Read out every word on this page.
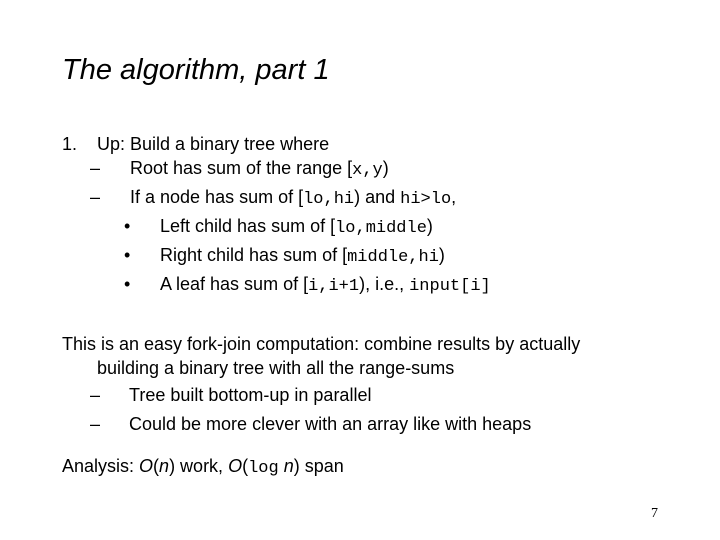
The algorithm, part 1
1. Up: Build a binary tree where
– Root has sum of the range [x,y)
– If a node has sum of [lo,hi) and hi>lo,
• Left child has sum of [lo,middle)
• Right child has sum of [middle,hi)
• A leaf has sum of [i,i+1), i.e., input[i]
This is an easy fork-join computation: combine results by actually
building a binary tree with all the range-sums
– Tree built bottom-up in parallel
– Could be more clever with an array like with heaps
Analysis: O(n) work, O(log n) span
7
